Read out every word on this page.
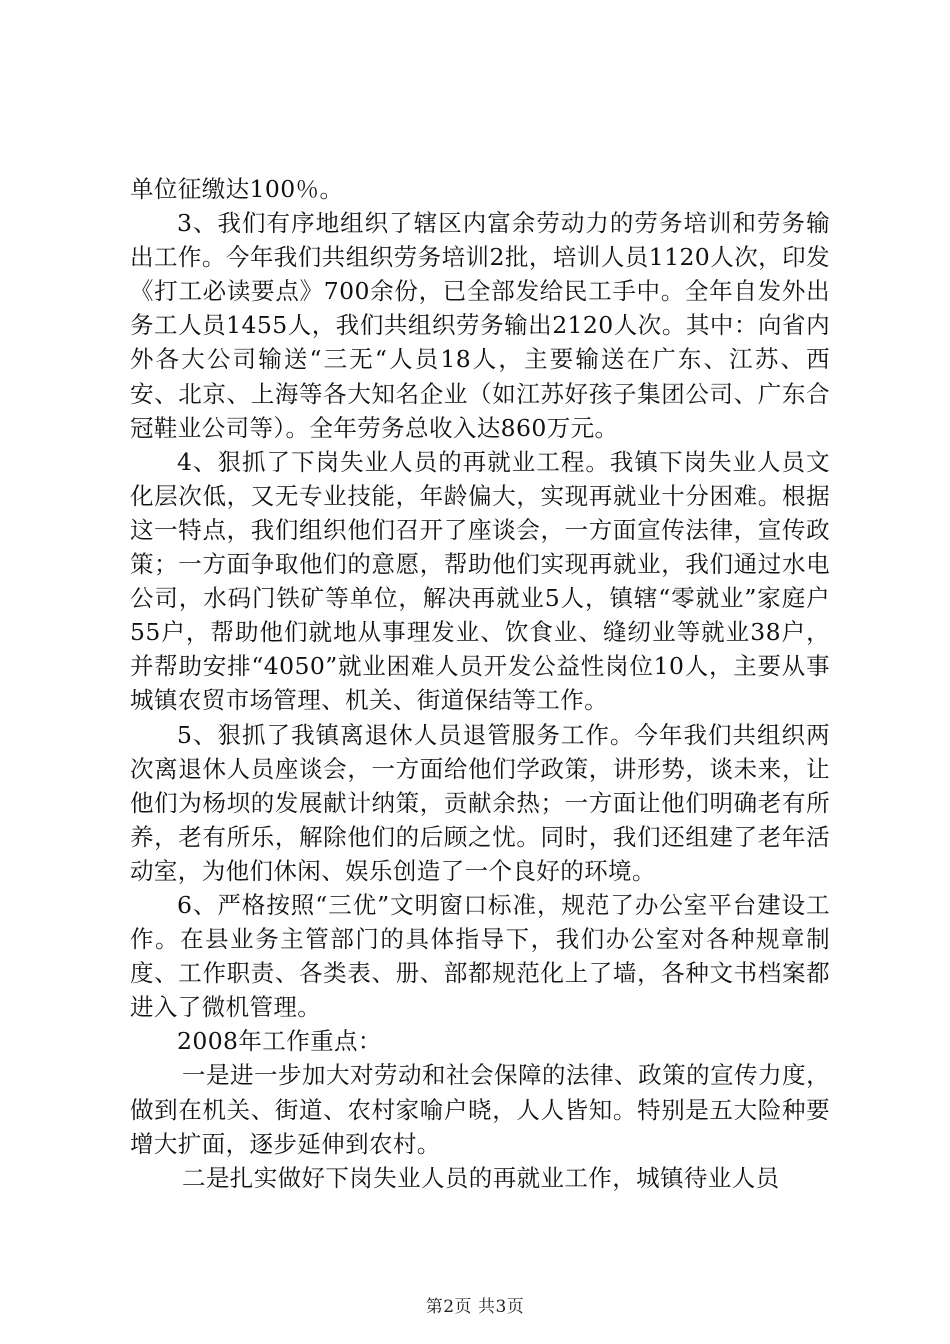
单位征缴达100％。

3、我们有序地组织了辖区内富余劳动力的劳务培训和劳务输出工作。今年我们共组织劳务培训2批，培训人员1120人次，印发《打工必读要点》700余份，已全部发给民工手中。全年自发外出务工人员1455人，我们共组织劳务输出2120人次。其中：向省内外各大公司输送“三无“人员18人，主要输送在广东、江苏、西安、北京、上海等各大知名企业（如江苏好孩子集团公司、广东合冠鞋业公司等）。全年劳务总收入达860万元。

4、狠抓了下岗失业人员的再就业工程。我镇下岗失业人员文化层次低，又无专业技能，年龄偏大，实现再就业十分困难。根据这一特点，我们组织他们召开了座谈会，一方面宣传法律，宣传政策；一方面争取他们的意愿，帮助他们实现再就业，我们通过水电公司，水码门铁矿等单位，解决再就业5人，镇辖“零就业”家庭户55户，帮助他们就地从事理发业、饮食业、缝纫业等就业38户，并帮助安排“4050”就业困难人员开发公益性岗位10人，主要从事城镇农贸市场管理、机关、街道保结等工作。

5、狠抓了我镇离退休人员退管服务工作。今年我们共组织两次离退休人员座谈会，一方面给他们学政策，讲形势，谈未来，让他们为杨坝的发展献计纳策，贡献余热；一方面让他们明确老有所养，老有所乐，解除他们的后顾之忧。同时，我们还组建了老年活动室，为他们休闲、娱乐创造了一个良好的环境。

6、严格按照“三优”文明窗口标准，规范了办公室平台建设工作。在县业务主管部门的具体指导下，我们办公室对各种规章制度、工作职责、各类表、册、部都规范化上了墙，各种文书档案都进入了微机管理。

2008年工作重点：

一是进一步加大对劳动和社会保障的法律、政策的宣传力度，做到在机关、街道、农村家喻户晓，人人皆知。特别是五大险种要增大扩面，逐步延伸到农村。

二是扎实做好下岗失业人员的再就业工作，城镇待业人员

第2页 共3页
